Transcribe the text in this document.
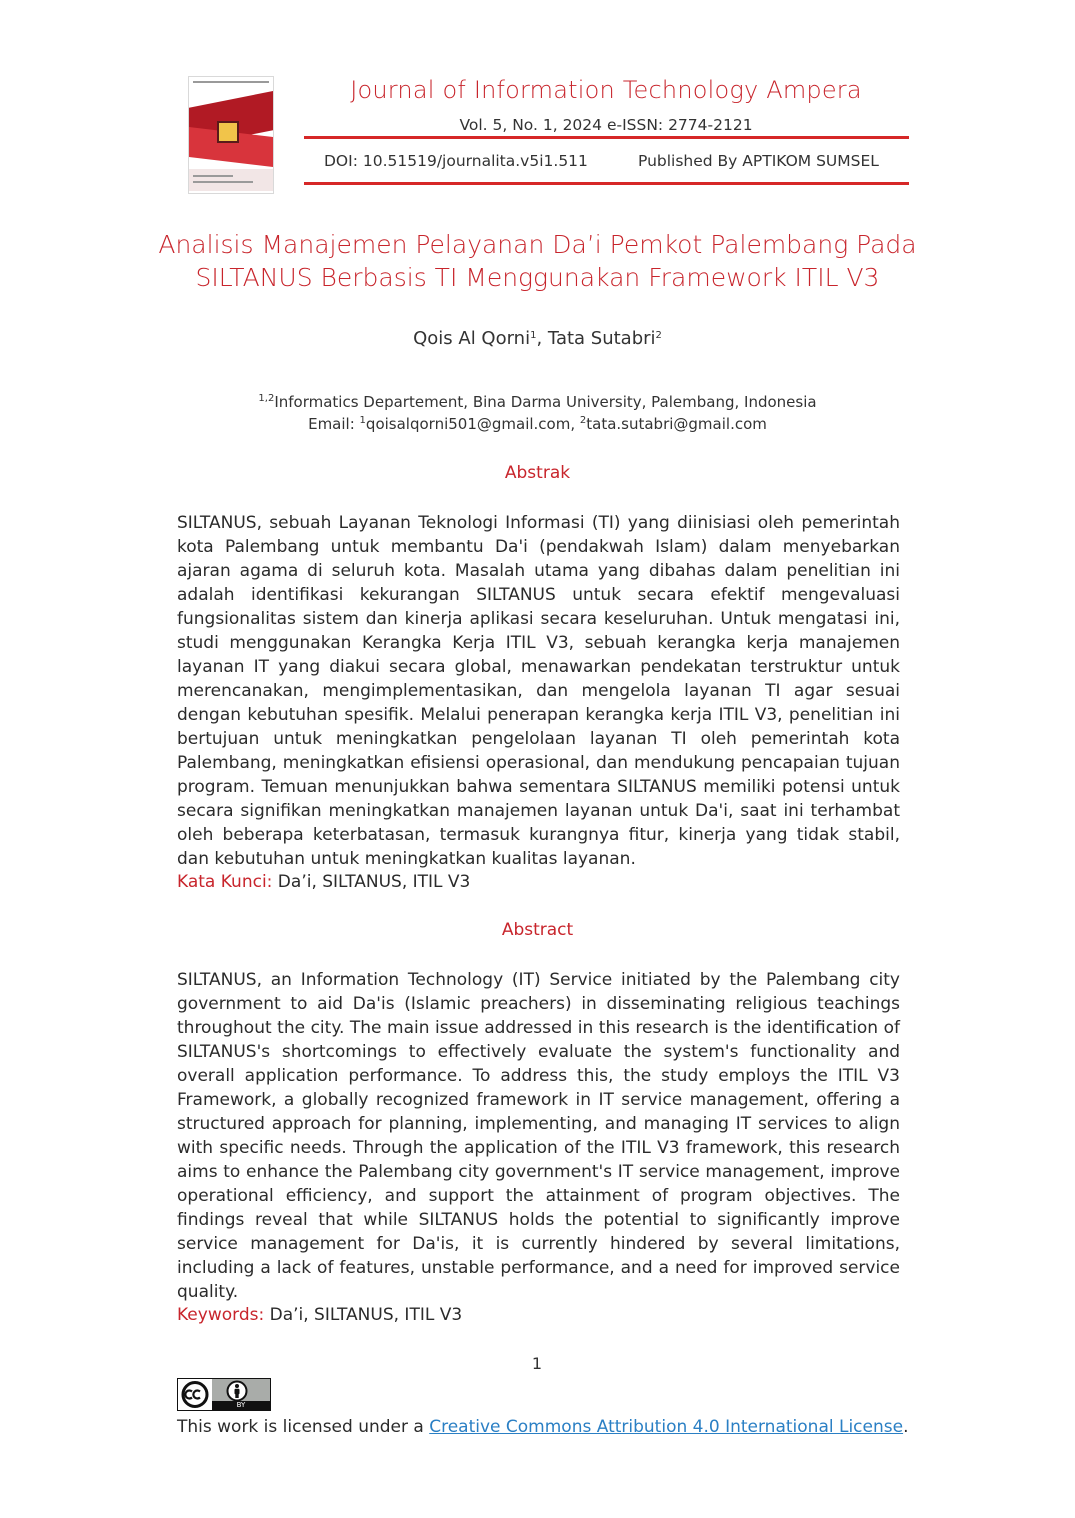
Journal of Information Technology Ampera
Vol. 5, No. 1, 2024 e-ISSN: 2774-2121
DOI: 10.51519/journalita.v5i1.511	Published By APTIKOM SUMSEL
Analisis Manajemen Pelayanan Da’i Pemkot Palembang Pada
SILTANUS Berbasis TI Menggunakan Framework ITIL V3
Qois Al Qorni$^1$, Tata Sutabri$^2$
$^{1,2}$Informatics Departement, Bina Darma University, Palembang, Indonesia
Email: $^1$qoisalqorni501@gmail.com, $^2$tata.sutabri@gmail.com
Abstrak

SILTANUS, sebuah Layanan Teknologi Informasi (TI) yang diinisiasi oleh pemerintah kota Palembang untuk membantu Da'i (pendakwah Islam) dalam menyebarkan ajaran agama di seluruh kota. Masalah utama yang dibahas dalam penelitian ini adalah identifikasi kekurangan SILTANUS untuk secara efektif mengevaluasi fungsionalitas sistem dan kinerja aplikasi secara keseluruhan. Untuk mengatasi ini, studi menggunakan Kerangka Kerja ITIL V3, sebuah kerangka kerja manajemen layanan IT yang diakui secara global, menawarkan pendekatan terstruktur untuk merencanakan, mengimplementasikan, dan mengelola layanan TI agar sesuai dengan kebutuhan spesifik. Melalui penerapan kerangka kerja ITIL V3, penelitian ini bertujuan untuk meningkatkan pengelolaan layanan TI oleh pemerintah kota Palembang, meningkatkan efisiensi operasional, dan mendukung pencapaian tujuan program. Temuan menunjukkan bahwa sementara SILTANUS memiliki potensi untuk secara signifikan meningkatkan manajemen layanan untuk Da'i, saat ini terhambat oleh beberapa keterbatasan, termasuk kurangnya fitur, kinerja yang tidak stabil, dan kebutuhan untuk meningkatkan kualitas layanan.

Kata Kunci: Da’i, SILTANUS, ITIL V3
Abstract

SILTANUS, an Information Technology (IT) Service initiated by the Palembang city government to aid Da'is (Islamic preachers) in disseminating religious teachings throughout the city. The main issue addressed in this research is the identification of SILTANUS's shortcomings to effectively evaluate the system's functionality and overall application performance. To address this, the study employs the ITIL V3 Framework, a globally recognized framework in IT service management, offering a structured approach for planning, implementing, and managing IT services to align with specific needs. Through the application of the ITIL V3 framework, this research aims to enhance the Palembang city government's IT service management, improve operational efficiency, and support the attainment of program objectives. The findings reveal that while SILTANUS holds the potential to significantly improve service management for Da'is, it is currently hindered by several limitations, including a lack of features, unstable performance, and a need for improved service quality.

Keywords: Da’i, SILTANUS, ITIL V3
1
BY
This work is licensed under a Creative Commons Attribution 4.0 International License.
